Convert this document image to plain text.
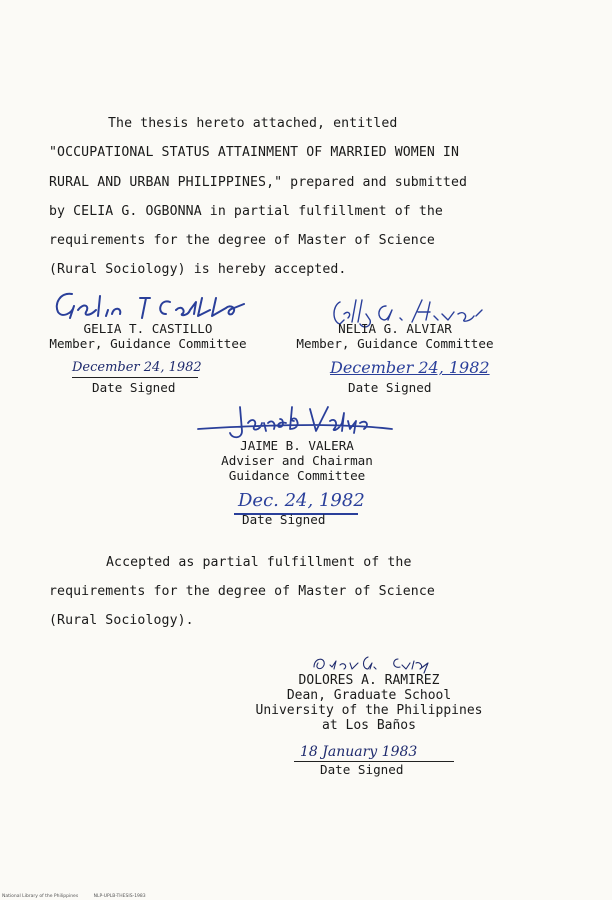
The thesis hereto attached, entitled
"OCCUPATIONAL STATUS ATTAINMENT OF MARRIED WOMEN IN
RURAL AND URBAN PHILIPPINES," prepared and submitted
by CELIA G. OGBONNA in partial fulfillment of the
requirements for the degree of Master of Science
(Rural Sociology) is hereby accepted.
GELIA T. CASTILLO
Member, Guidance Committee
NELIA G. ALVIAR
Member, Guidance Committee
December 24, 1982
Date Signed
December 24, 1982
Date Signed
JAIME B. VALERA
Adviser and Chairman
Guidance Committee
Dec. 24, 1982
Date Signed
Accepted as partial fulfillment of the
requirements for the degree of Master of Science
(Rural Sociology).
DOLORES A. RAMIREZ
Dean, Graduate School
University of the Philippines
at Los Baños
18 January 1983
Date Signed
National Library of the Philippines	NLP-UPLB-THESIS-1983
